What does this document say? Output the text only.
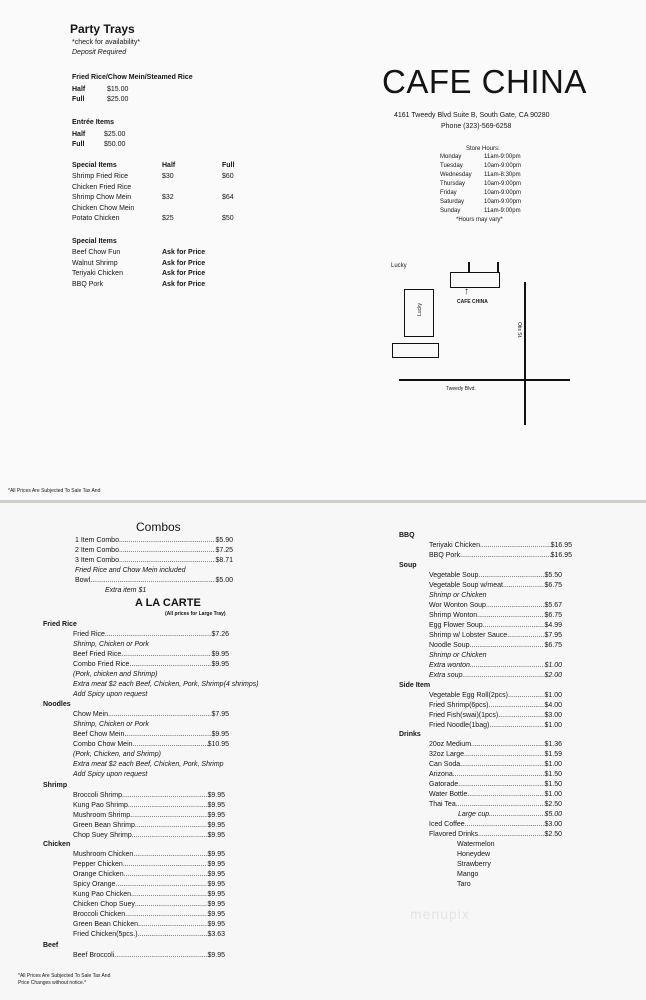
Party Trays
*check for availability*
Deposit Required
Fried Rice/Chow Mein/Steamed Rice
Half	$15.00
Full	$25.00
Entrée Items
Half	$25.00
Full	$50.00
Special Items	Half	Full
Shrimp Fried Rice	$30	$60
Chicken Fried Rice
Shrimp Chow Mein	$32	$64
Chicken Chow Mein
Potato Chicken	$25	$50
Special Items
Beef Chow Fun	Ask for Price
Walnut Shrimp	Ask for Price
Teriyaki Chicken	Ask for Price
BBQ Pork	Ask for Price
CAFE CHINA
4161 Tweedy Blvd Suite B, South Gate, CA 90280
Phone (323)-569-6258
Store Hours:
Monday	11am-9:00pm
Tuesday	10am-9:00pm
Wednesday 11am-8:30pm
Thursday	10am-9:00pm
Friday	10am-9:00pm
Saturday	10am-9:00pm
Sunday	11am-9:00pm
*Hours may vary*
Lucky
↑
CAFE CHINA
Lucky
Otis St.
Tweedy Blvd.
*All Prices Are Subjected To Sale Tax And
Combos
1 Item Combo .....	$5.90
2 Item Combo .....	$7.25
3 Item Combo .....	$8.71
Fried Rice and Chow Mein included
Bowl .....	$5.00
Extra item $1
A LA CARTE
(All prices for Large Tray)
Fried Rice
Fried Rice .....	$7.26
Shrimp, Chicken or Pork
Beef Fried Rice .....	$9.95
Combo Fried Rice .....	$9.95
(Pork, chicken and Shrimp)
Extra meat $2 each Beef, Chicken, Pork, Shrimp(4 shrimps)
Add Spicy upon request
Noodles
Chow Mein .....	$7.95
Shrimp, Chicken or Pork
Beef Chow Mein .....	$9.95
Combo Chow Mein .....	$10.95
(Pork, Chicken, and Shrimp)
Extra meat $2 each Beef, Chicken, Pork, Shrimp
Add Spicy upon request
Shrimp
Broccoli Shrimp .....	$9.95
Kung Pao Shrimp .....	$9.95
Mushroom Shrimp .....	$9.95
Green Bean Shrimp .....	$9.95
Chop Suey Shrimp .....	$9.95
Chicken
Mushroom Chicken .....	$9.95
Pepper Chicken .....	$9.95
Orange Chicken .....	$9.95
Spicy Orange .....	$9.95
Kung Pao Chicken .....	$9.95
Chicken Chop Suey .....	$9.95
Broccoli Chicken .....	$9.95
Green Bean Chicken .....	$9.95
Fried Chicken(5pcs.) .....	$3.63
Beef
Beef Broccoli .....	$9.95
BBQ
Teriyaki Chicken .....	$16.95
BBQ Pork .....	$16.95
Soup
Vegetable Soup .....	$5.50
Vegetable Soup w/meat .....	$6.75
Shrimp or Chicken
Wor Wonton Soup .....	$5.67
Shrimp Wonton .....	$6.75
Egg Flower Soup .....	$4.99
Shrimp w/ Lobster Sauce .....	$7.95
Noodle Soup .....	$6.75
Shrimp or Chicken
Extra wonton .....	$1.00
Extra soup .....	$2.00
Side Item
Vegetable Egg Roll(2pcs) .....	$1.00
Fried Shrimp(6pcs) .....	$4.00
Fried Fish(swai)(1pcs) .....	$3.00
Fried Noodle(1bag) .....	$1.00
Drinks
20oz Medium .....	$1.36
32oz Large .....	$1.59
Can Soda .....	$1.00
Arizona .....	$1.50
Gatorade .....	$1.50
Water Bottle .....	$1.00
Thai Tea .....	$2.50
Large cup .....	$5.00
Iced Coffee .....	$3.00
Flavored Drinks .....	$2.50
Watermelon
Honeydew
Strawberry
Mango
Taro
menupix
*All Prices Are Subjected To Sale Tax And
Price Changes without notice.*
